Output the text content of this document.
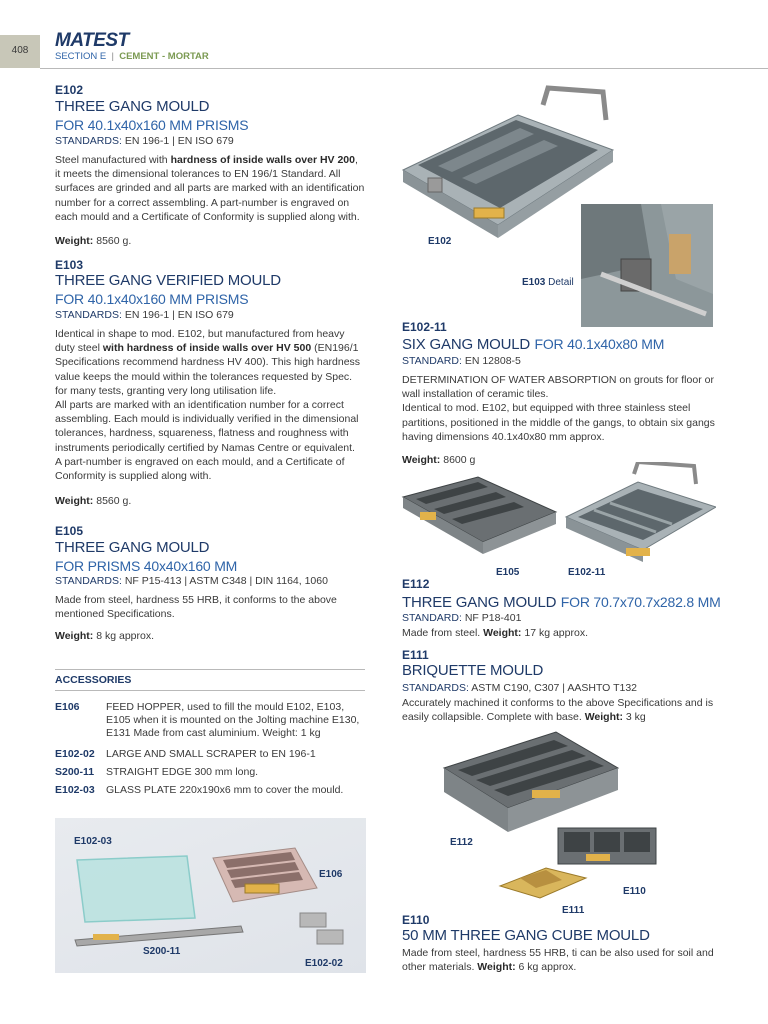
408	MATEST
SECTION E  |  CEMENT - MORTAR
E102
THREE GANG MOULD
FOR 40.1x40x160 MM PRISMS
STANDARDS: EN 196-1 | EN ISO 679
Steel manufactured with hardness of inside walls over HV 200, it meets the dimensional tolerances to EN 196/1 Standard. All surfaces are grinded and all parts are marked with an identification number for a correct assembling. A part-number is engraved on each mould and a Certificate of Conformity is supplied along with.
Weight: 8560 g.
E103
THREE GANG VERIFIED MOULD
FOR 40.1x40x160 MM PRISMS
STANDARDS: EN 196-1 | EN ISO 679
Identical in shape to mod. E102, but manufactured from heavy duty steel with hardness of inside walls over HV 500 (EN196/1 Specifications recommend hardness HV 400). This high hardness value keeps the mould within the tolerances requested by Spec. for many tests, granting very long utilisation life.
All parts are marked with an identification number for a correct assembling. Each mould is individually verified in the dimensional tolerances, hardness, squareness, flatness and roughness with instruments periodically certified by Namas Centre or equivalent.
A part-number is engraved on each mould, and a Certificate of Conformity is supplied along with.
Weight: 8560 g.
E105
THREE GANG MOULD
FOR PRISMS 40x40x160 MM
STANDARDS: NF P15-413 | ASTM C348 | DIN 1164, 1060
Made from steel, hardness 55 HRB, it conforms to the above mentioned Specifications.
Weight: 8 kg approx.
ACCESSORIES
E106	FEED HOPPER, used to fill the mould E102, E103, E105 when it is mounted on the Jolting machine E130, E131 Made from cast aluminium. Weight: 1 kg
E102-02	LARGE AND SMALL SCRAPER to EN 196-1
S200-11	STRAIGHT EDGE 300 mm long.
E102-03	GLASS PLATE 220x190x6 mm to cover the mould.
E102-03
E106
S200-11
E102-02
E102
E103 Detail
E102-11
SIX GANG MOULD FOR 40.1x40x80 MM
STANDARD: EN 12808-5
DETERMINATION OF WATER ABSORPTION on grouts for floor or wall installation of ceramic tiles.
Identical to mod. E102, but equipped with three stainless steel partitions, positioned in the middle of the gangs, to obtain six gangs having dimensions 40.1x40x80 mm approx.
Weight: 8600 g
E105	E102-11
E112
THREE GANG MOULD FOR 70.7x70.7x282.8 MM
STANDARD: NF P18-401
Made from steel. Weight: 17 kg approx.
E111
BRIQUETTE MOULD
STANDARDS: ASTM C190, C307 | AASHTO T132
Accurately machined it conforms to the above Specifications and is easily collapsible. Complete with base. Weight: 3 kg
E112
E110
E111
E110
50 MM THREE GANG CUBE MOULD
Made from steel, hardness 55 HRB, ti can be also used for soil and other materials. Weight: 6 kg approx.
